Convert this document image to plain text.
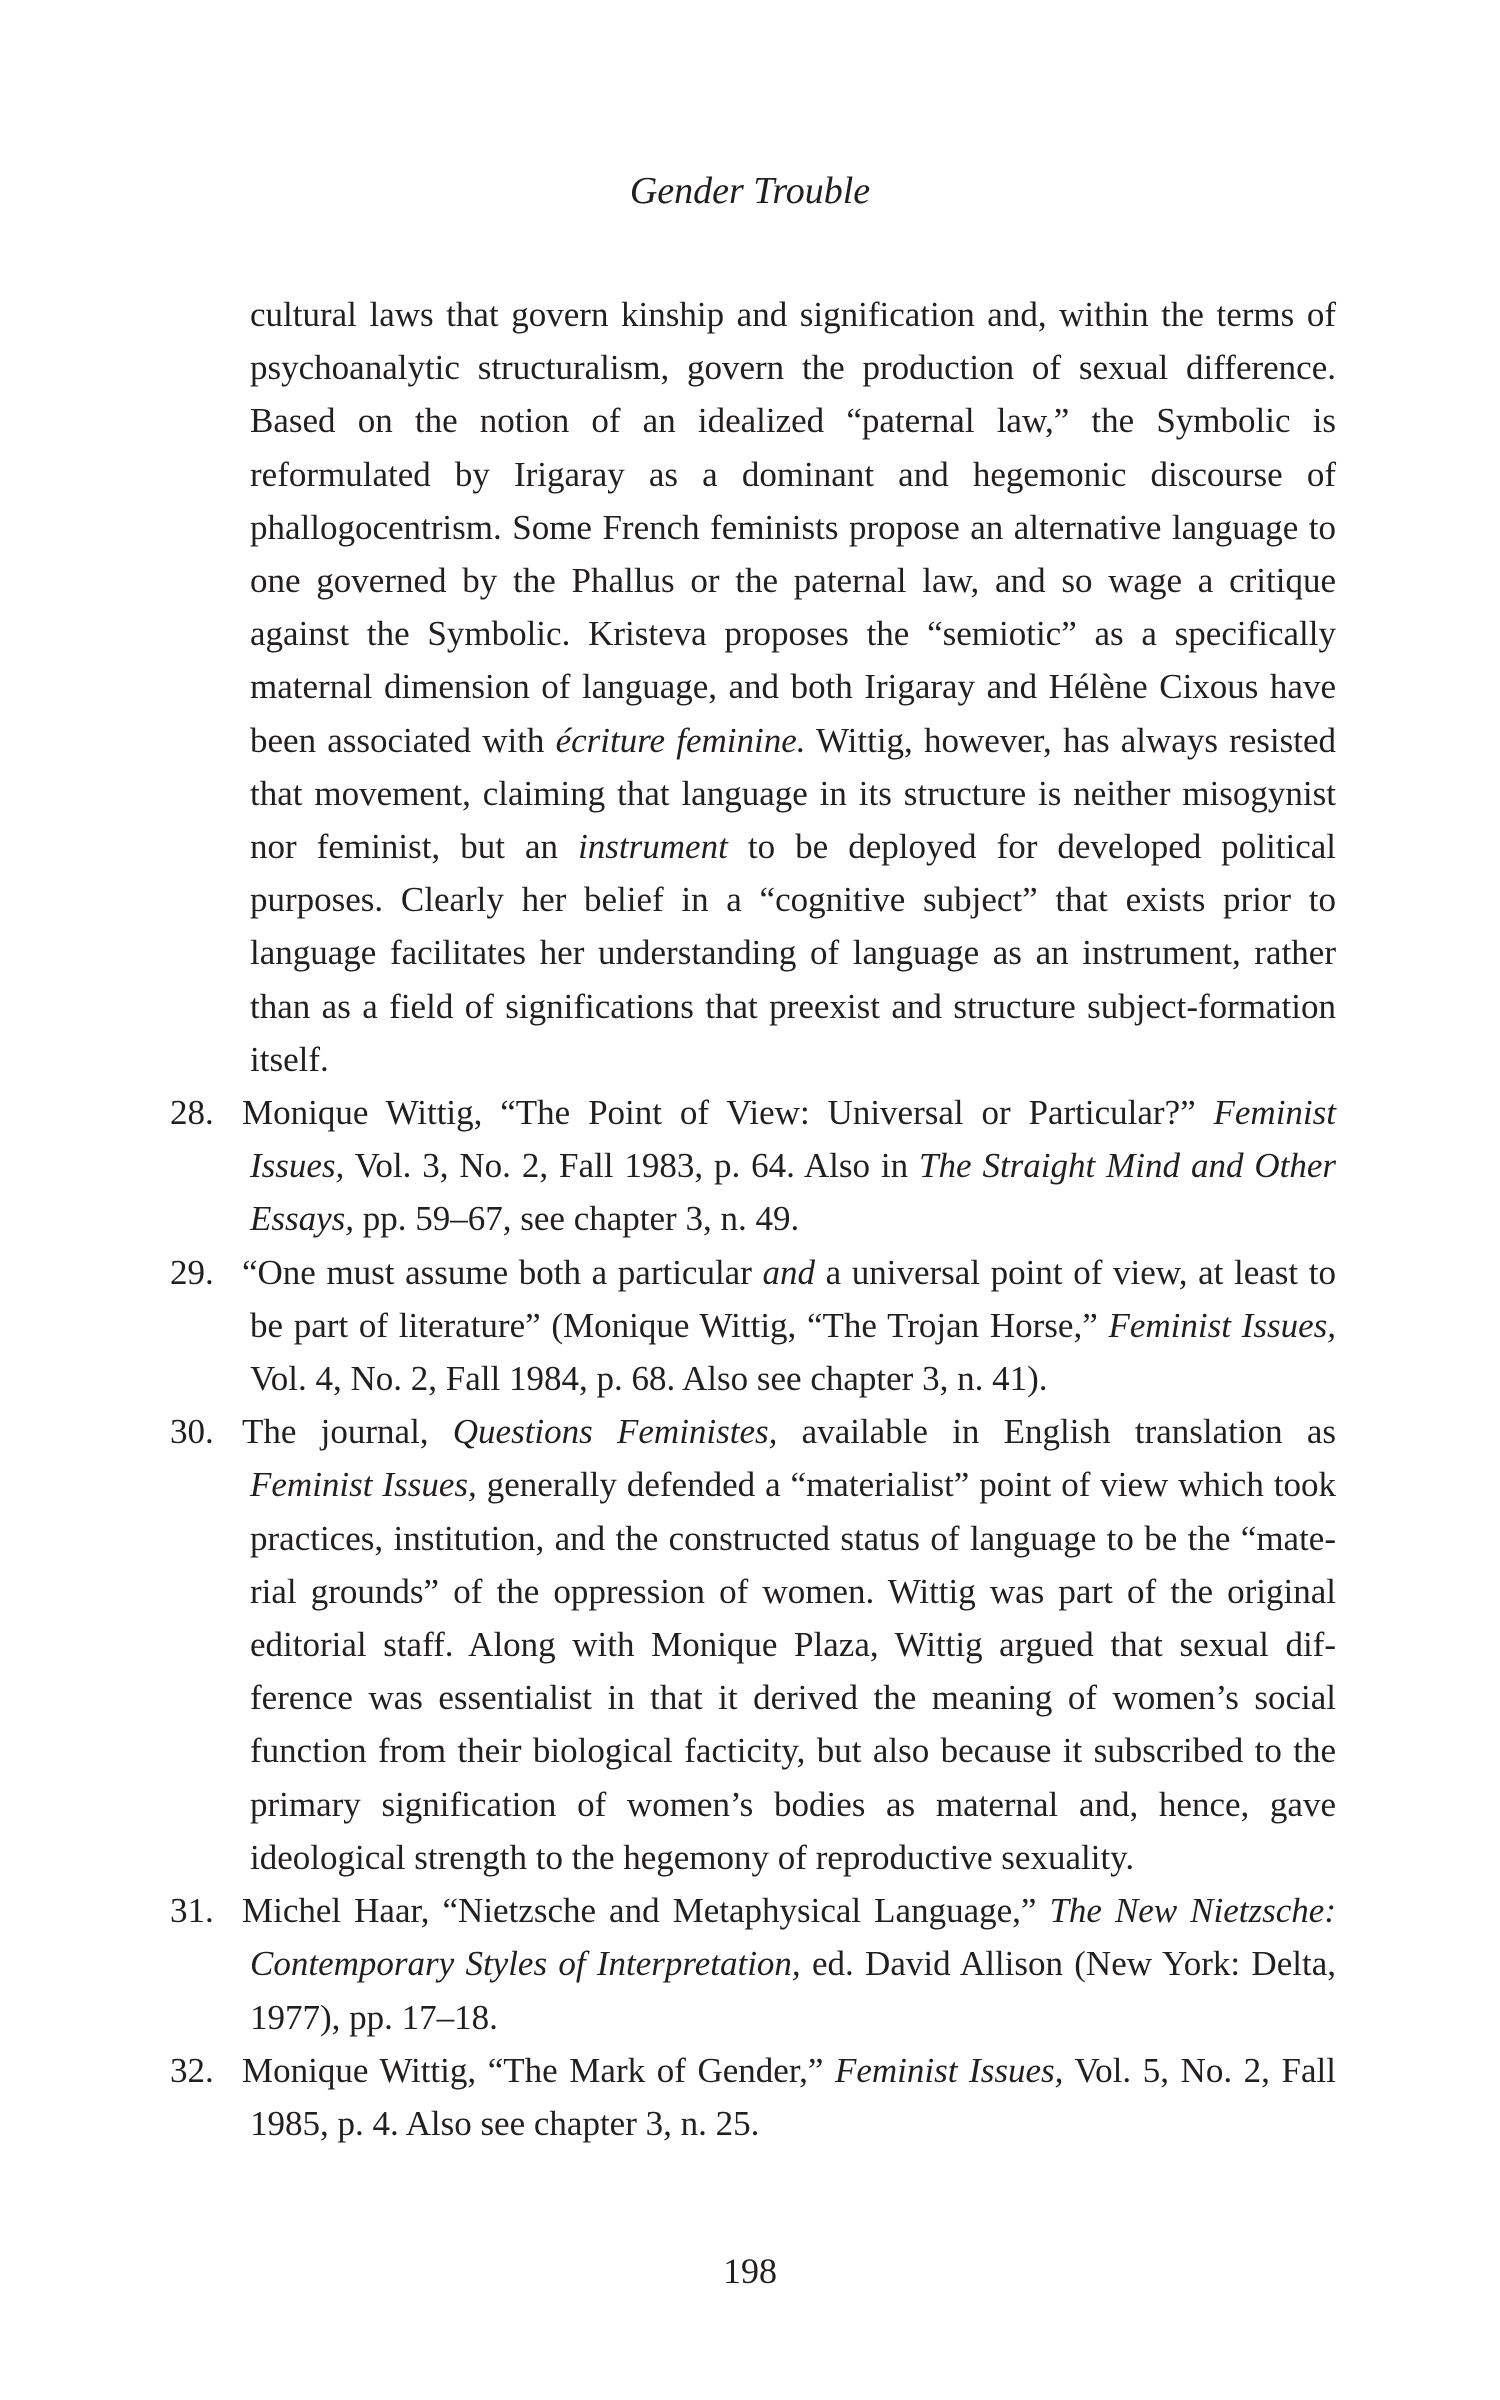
Gender Trouble

cultural laws that govern kinship and signification and, within the terms of psychoanalytic structuralism, govern the production of sexual difference. Based on the notion of an idealized “paternal law,” the Symbolic is reformulated by Irigaray as a dominant and hegemonic discourse of phallogocentrism. Some French feminists propose an alternative language to one governed by the Phallus or the paternal law, and so wage a critique against the Symbolic. Kristeva proposes the “semiotic” as a specifically maternal dimension of language, and both Irigaray and Hélène Cixous have been associated with écriture feminine. Wittig, however, has always resisted that movement, claiming that language in its structure is neither misogynist nor feminist, but an instrument to be deployed for developed political purposes. Clearly her belief in a “cognitive subject” that exists prior to language facilitates her understanding of language as an instrument, rather than as a field of significations that preexist and structure subject-formation itself.

28. Monique Wittig, “The Point of View: Universal or Particular?” Feminist Issues, Vol. 3, No. 2, Fall 1983, p. 64. Also in The Straight Mind and Other Essays, pp. 59–67, see chapter 3, n. 49.

29. “One must assume both a particular and a universal point of view, at least to be part of literature” (Monique Wittig, “The Trojan Horse,” Feminist Issues, Vol. 4, No. 2, Fall 1984, p. 68. Also see chapter 3, n. 41).

30. The journal, Questions Feministes, available in English translation as Feminist Issues, generally defended a “materialist” point of view which took practices, institution, and the constructed status of language to be the “material grounds” of the oppression of women. Wittig was part of the original editorial staff. Along with Monique Plaza, Wittig argued that sexual difference was essentialist in that it derived the meaning of women’s social function from their biological facticity, but also because it subscribed to the primary signification of women’s bodies as maternal and, hence, gave ideological strength to the hegemony of reproductive sexuality.

31. Michel Haar, “Nietzsche and Metaphysical Language,” The New Nietzsche: Contemporary Styles of Interpretation, ed. David Allison (New York: Delta, 1977), pp. 17–18.

32. Monique Wittig, “The Mark of Gender,” Feminist Issues, Vol. 5, No. 2, Fall 1985, p. 4. Also see chapter 3, n. 25.

198
